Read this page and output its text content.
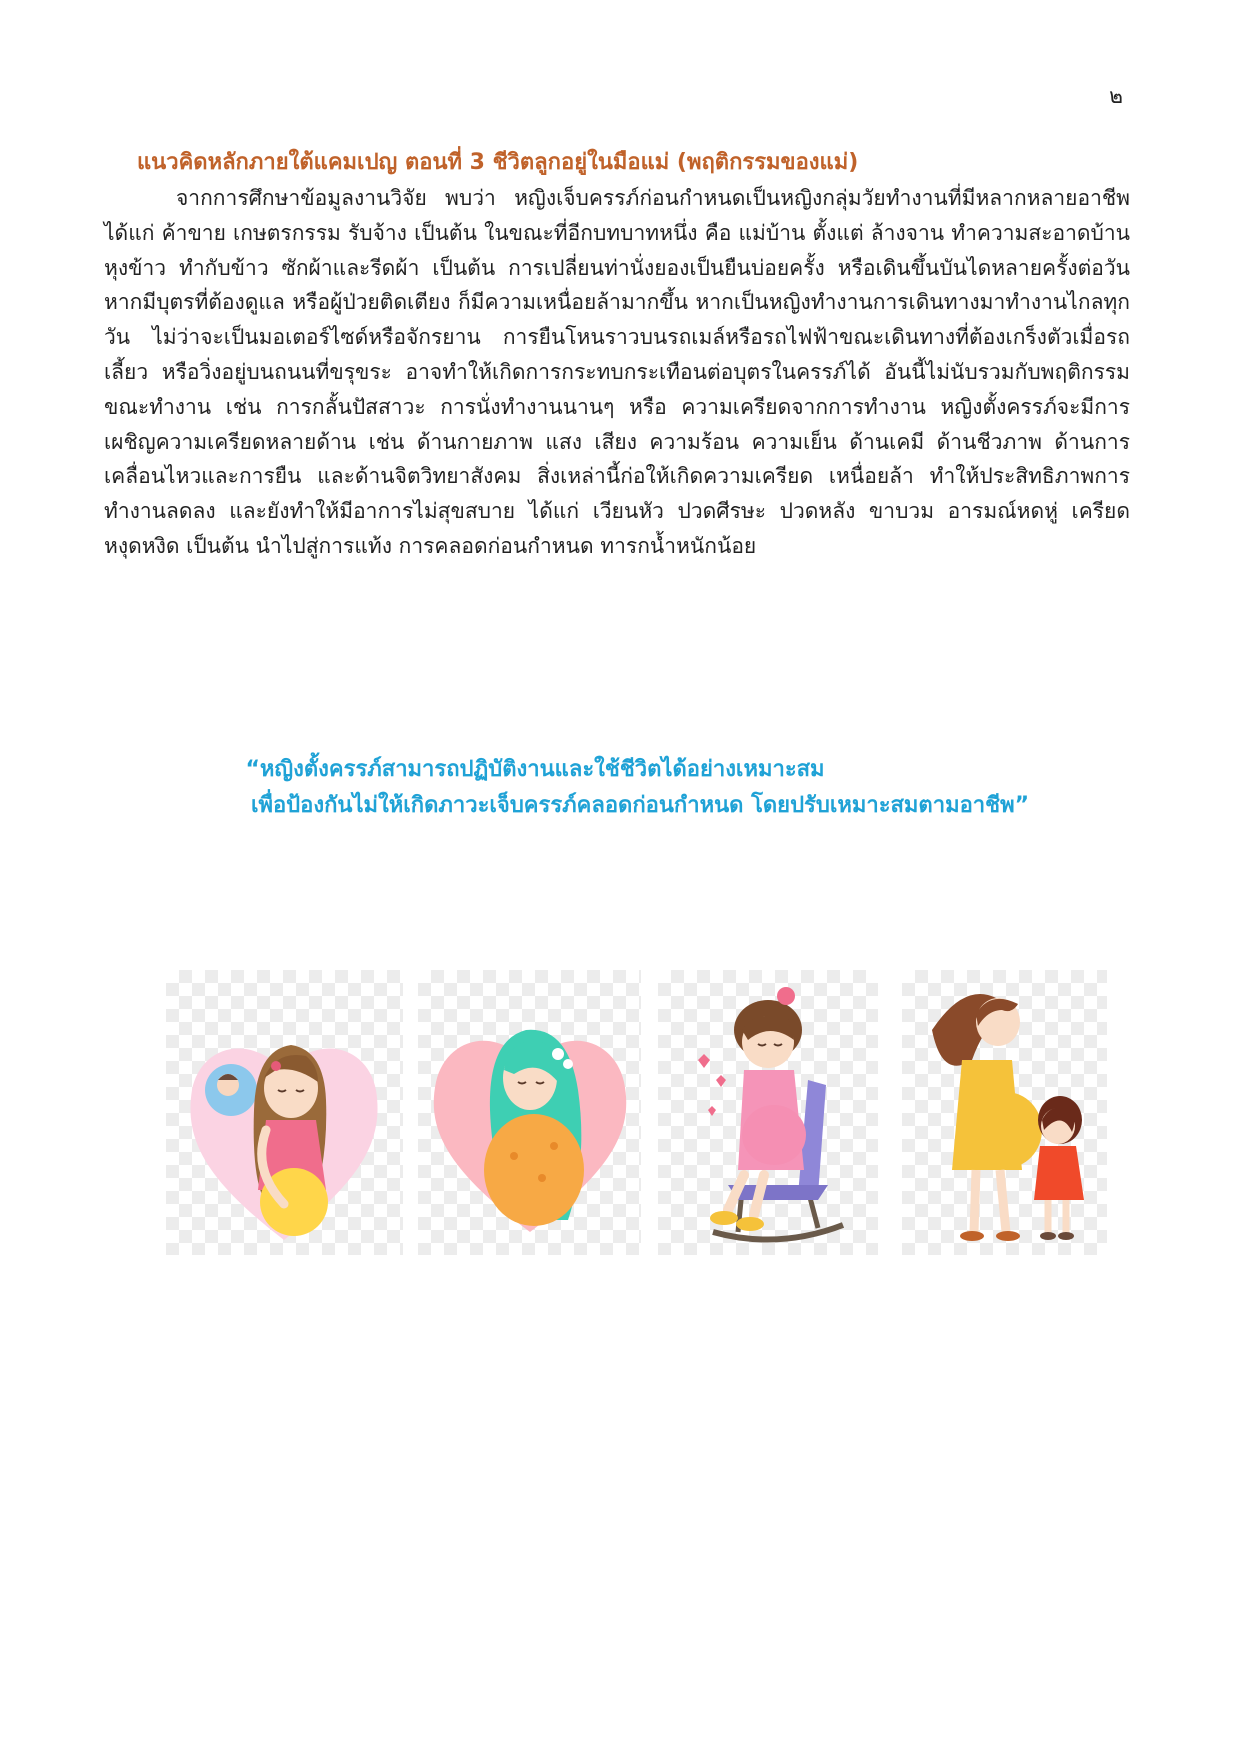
๒
แนวคิดหลักภายใต้แคมเปญ ตอนที่ 3 ชีวิตลูกอยู่ในมือแม่ (พฤติกรรมของแม่)

จากการศึกษาข้อมูลงานวิจัย พบว่า หญิงเจ็บครรภ์ก่อนกำหนดเป็นหญิงกลุ่มวัยทำงานที่มีหลากหลายอาชีพ ได้แก่ ค้าขาย เกษตรกรรม รับจ้าง เป็นต้น ในขณะที่อีกบทบาทหนึ่ง คือ แม่บ้าน ตั้งแต่ ล้างจาน ทำความสะอาดบ้าน หุงข้าว ทำกับข้าว ซักผ้าและรีดผ้า เป็นต้น การเปลี่ยนท่านั่งยองเป็นยืนบ่อยครั้ง หรือเดินขึ้นบันไดหลายครั้งต่อวัน หากมีบุตรที่ต้องดูแล หรือผู้ป่วยติดเตียง ก็มีความเหนื่อยล้ามากขึ้น หากเป็นหญิงทำงานการเดินทางมาทำงานไกลทุกวัน ไม่ว่าจะเป็นมอเตอร์ไซด์หรือจักรยาน การยืนโหนราวบนรถเมล์หรือรถไฟฟ้าขณะเดินทางที่ต้องเกร็งตัวเมื่อรถเลี้ยว หรือวิ่งอยู่บนถนนที่ขรุขระ อาจทำให้เกิดการกระทบกระเทือนต่อบุตรในครรภ์ได้ อันนี้ไม่นับรวมกับพฤติกรรมขณะทำงาน เช่น การกลั้นปัสสาวะ การนั่งทำงานนานๆ หรือ ความเครียดจากการทำงาน หญิงตั้งครรภ์จะมีการเผชิญความเครียดหลายด้าน เช่น ด้านกายภาพ แสง เสียง ความร้อน ความเย็น ด้านเคมี ด้านชีวภาพ ด้านการเคลื่อนไหวและการยืน และด้านจิตวิทยาสังคม สิ่งเหล่านี้ก่อให้เกิดความเครียด เหนื่อยล้า ทำให้ประสิทธิภาพการทำงานลดลง และยังทำให้มีอาการไม่สุขสบาย ได้แก่ เวียนหัว ปวดศีรษะ ปวดหลัง ขาบวม อารมณ์หดหู่ เครียดหงุดหงิด เป็นต้น นำไปสู่การแท้ง การคลอดก่อนกำหนด ทารกน้ำหนักน้อย

“หญิงตั้งครรภ์สามารถปฏิบัติงานและใช้ชีวิตได้อย่างเหมาะสม
เพื่อป้องกันไม่ให้เกิดภาวะเจ็บครรภ์คลอดก่อนกำหนด โดยปรับเหมาะสมตามอาชีพ”
